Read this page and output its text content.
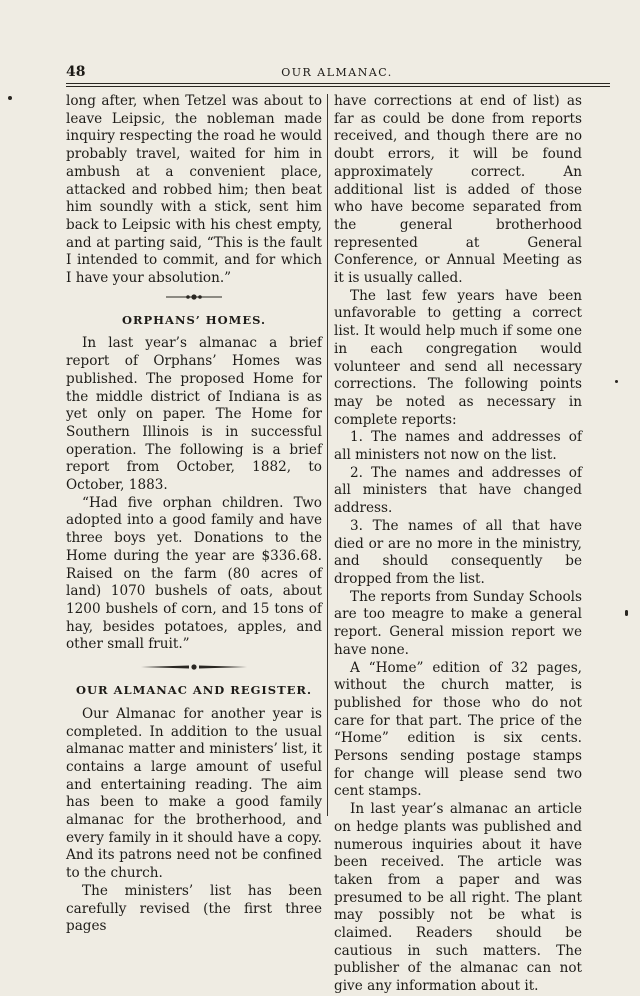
48	OUR ALMANAC.

long after, when Tetzel was about to leave Leipsic, the nobleman made inquiry respecting the road he would probably travel, waited for him in ambush at a convenient place, attacked and robbed him; then beat him soundly with a stick, sent him back to Leipsic with his chest empty, and at parting said, “This is the fault I intended to commit, and for which I have your absolution.”

ORPHANS’ HOMES.

In last year’s almanac a brief report of Orphans’ Homes was published. The proposed Home for the middle district of Indiana is as yet only on paper. The Home for Southern Illinois is in successful operation. The following is a brief report from October, 1882, to October, 1883.

“Had five orphan children. Two adopted into a good family and have three boys yet. Donations to the Home during the year are $336.68. Raised on the farm (80 acres of land) 1070 bushels of oats, about 1200 bushels of corn, and 15 tons of hay, besides potatoes, apples, and other small fruit.”

OUR ALMANAC AND REGISTER.

Our Almanac for another year is completed. In addition to the usual almanac matter and ministers’ list, it contains a large amount of useful and entertaining reading. The aim has been to make a good family almanac for the brotherhood, and every family in it should have a copy. And its patrons need not be confined to the church.

The ministers’ list has been carefully revised (the first three pages

have corrections at end of list) as far as could be done from reports received, and though there are no doubt errors, it will be found approximately correct. An additional list is added of those who have become separated from the general brotherhood represented at General Conference, or Annual Meeting as it is usually called.

The last few years have been unfavorable to getting a correct list. It would help much if some one in each congregation would volunteer and send all necessary corrections. The following points may be noted as necessary in complete reports:

1. The names and addresses of all ministers not now on the list.

2. The names and addresses of all ministers that have changed address.

3. The names of all that have died or are no more in the ministry, and should consequently be dropped from the list.

The reports from Sunday Schools are too meagre to make a general report. General mission report we have none.

A “Home” edition of 32 pages, without the church matter, is published for those who do not care for that part. The price of the “Home” edition is six cents. Persons sending postage stamps for change will please send two cent stamps.

In last year’s almanac an article on hedge plants was published and numerous inquiries about it have been received. The article was taken from a paper and was presumed to be all right. The plant may possibly not be what is claimed. Readers should be cautious in such matters. The publisher of the almanac can not give any information about it.
